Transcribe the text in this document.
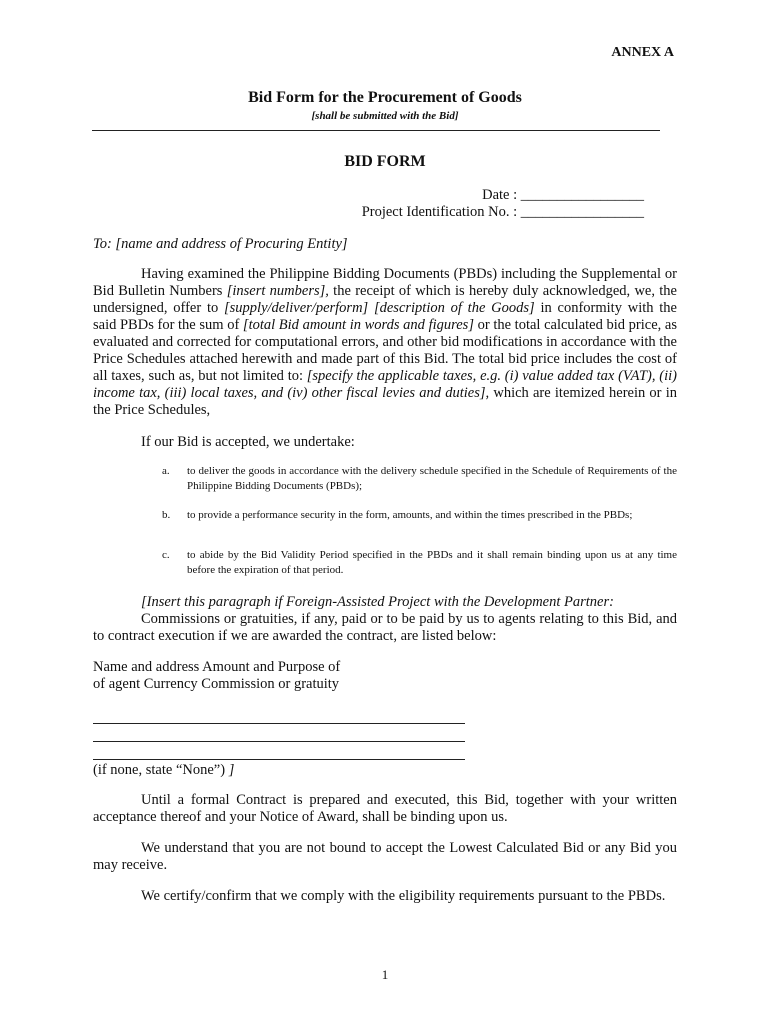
ANNEX A
Bid Form for the Procurement of Goods
[shall be submitted with the Bid]
BID FORM
Date : _________________
Project Identification No. : _________________
To: [name and address of Procuring Entity]
Having examined the Philippine Bidding Documents (PBDs) including the Supplemental or Bid Bulletin Numbers [insert numbers], the receipt of which is hereby duly acknowledged, we, the undersigned, offer to [supply/deliver/perform] [description of the Goods] in conformity with the said PBDs for the sum of [total Bid amount in words and figures] or the total calculated bid price, as evaluated and corrected for computational errors, and other bid modifications in accordance with the Price Schedules attached herewith and made part of this Bid. The total bid price includes the cost of all taxes, such as, but not limited to: [specify the applicable taxes, e.g. (i) value added tax (VAT), (ii) income tax, (iii) local taxes, and (iv) other fiscal levies and duties], which are itemized herein or in the Price Schedules,
If our Bid is accepted, we undertake:
a. to deliver the goods in accordance with the delivery schedule specified in the Schedule of Requirements of the Philippine Bidding Documents (PBDs);
b. to provide a performance security in the form, amounts, and within the times prescribed in the PBDs;
c. to abide by the Bid Validity Period specified in the PBDs and it shall remain binding upon us at any time before the expiration of that period.
[Insert this paragraph if Foreign-Assisted Project with the Development Partner:
Commissions or gratuities, if any, paid or to be paid by us to agents relating to this Bid, and to contract execution if we are awarded the contract, are listed below:
Name and address Amount and Purpose of
of agent Currency Commission or gratuity
(if none, state “None”) ]
Until a formal Contract is prepared and executed, this Bid, together with your written acceptance thereof and your Notice of Award, shall be binding upon us.
We understand that you are not bound to accept the Lowest Calculated Bid or any Bid you may receive.
We certify/confirm that we comply with the eligibility requirements pursuant to the PBDs.
1
